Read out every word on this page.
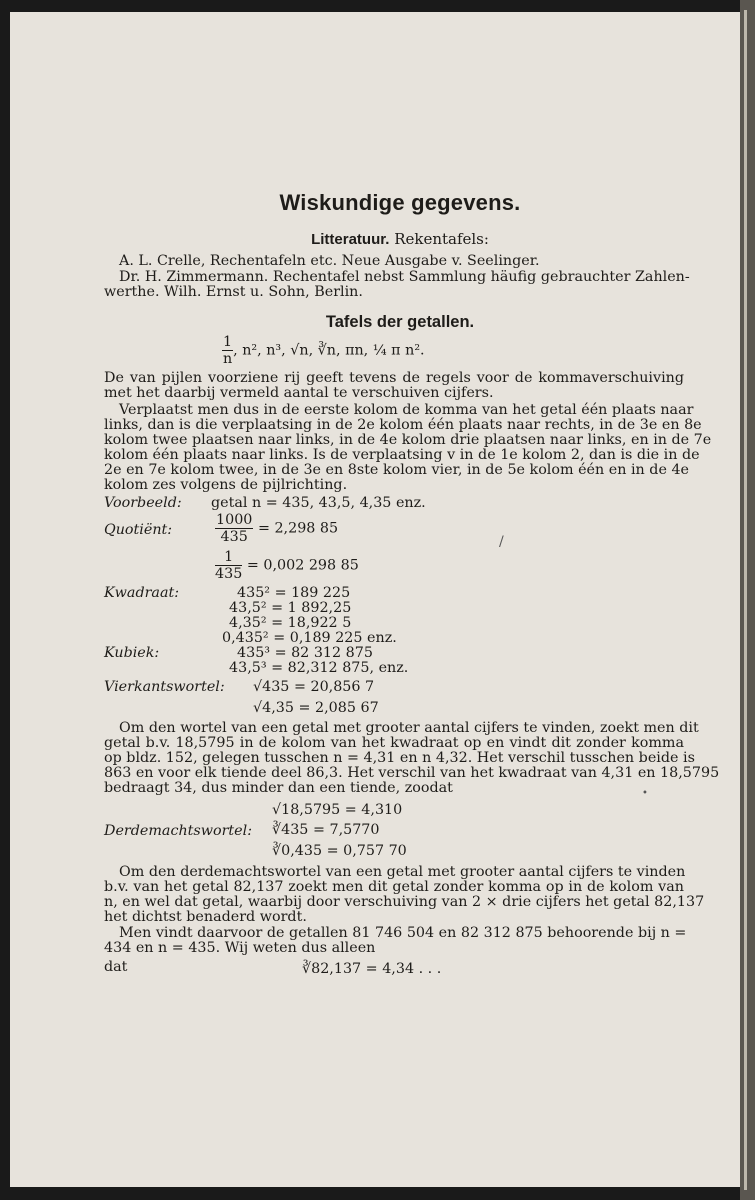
Wiskundige gegevens.
Litteratuur. Rekentafels:
A. L. Crelle, Rechentafeln etc. Neue Ausgabe v. Seelinger.
Dr. H. Zimmermann. Rechentafel nebst Sammlung häufig gebrauchter Zahlen-
werthe. Wilh. Ernst u. Sohn, Berlin.
Tafels der getallen.
$\frac{1}{n}$ , n², n³, √n, ∛n, πn, ¼ π n².
De van pijlen voorziene rij geeft tevens de regels voor de kommaverschuiving
met het daarbij vermeld aantal te verschuiven cijfers.
Verplaatst men dus in de eerste kolom de komma van het getal één plaats naar
links, dan is die verplaatsing in de 2e kolom één plaats naar rechts, in de 3e en 8e
kolom twee plaatsen naar links, in de 4e kolom drie plaatsen naar links, en in de 7e
kolom één plaats naar links. Is de verplaatsing v in de 1e kolom 2, dan is die in de
2e en 7e kolom twee, in de 3e en 8ste kolom vier, in de 5e kolom één en in de 4e
kolom zes volgens de pijlrichting.
Voorbeeld: getal n = 435, 43,5, 4,35 enz.
Quotiënt:	$\frac{1000}{435} = 2,298$ 85
/
$\frac{1}{435} = 0,002$ 298 85
Kwadraat:	435² = 189 225
43,5² = 1 892,25
4,35² = 18,922 5
0,435² = 0,189 225 enz.
Kubiek:	435³ = 82 312 875
43,5³ = 82,312 875, enz.
Vierkantswortel: √435 = 20,856 7
√4,35 = 2,085 67
Om den wortel van een getal met grooter aantal cijfers te vinden, zoekt men dit
getal b.v. 18,5795 in de kolom van het kwadraat op en vindt dit zonder komma
op bldz. 152, gelegen tusschen n = 4,31 en n 4,32. Het verschil tusschen beide is
863 en voor elk tiende deel 86,3. Het verschil van het kwadraat van 4,31 en 18,5795
bedraagt 34, dus minder dan een tiende, zoodat	•
√18,5795 = 4,310
Derdemachtswortel: ∛435 = 7,5770
∛0,435 = 0,757 70
Om den derdemachtswortel van een getal met grooter aantal cijfers te vinden
b.v. van het getal 82,137 zoekt men dit getal zonder komma op in de kolom van
n, en wel dat getal, waarbij door verschuiving van 2 × drie cijfers het getal 82,137
het dichtst benaderd wordt.
Men vindt daarvoor de getallen 81 746 504 en 82 312 875 behoorende bij n =
434 en n = 435. Wij weten dus alleen
dat	∛82,137 = 4,34 . . .
